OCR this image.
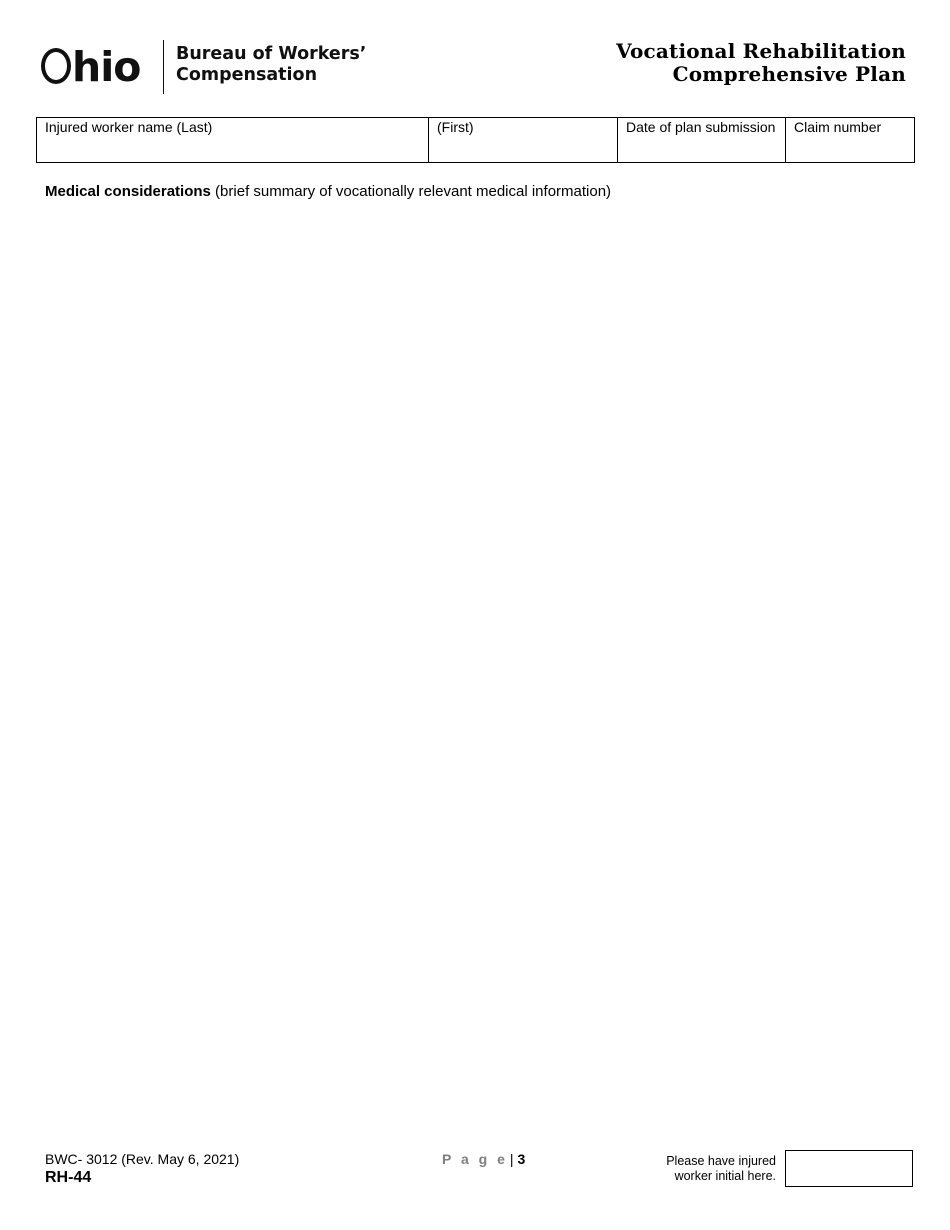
hio Bureau of Workers’
Compensation
Vocational Rehabilitation
Comprehensive Plan
Injured worker name (Last)	(First)	Date of plan submission	Claim number
Medical considerations (brief summary of vocationally relevant medical information)
BWC- 3012 (Rev. May 6, 2021)
RH-44
P a g e | 3	Please have injured
worker initial here.
